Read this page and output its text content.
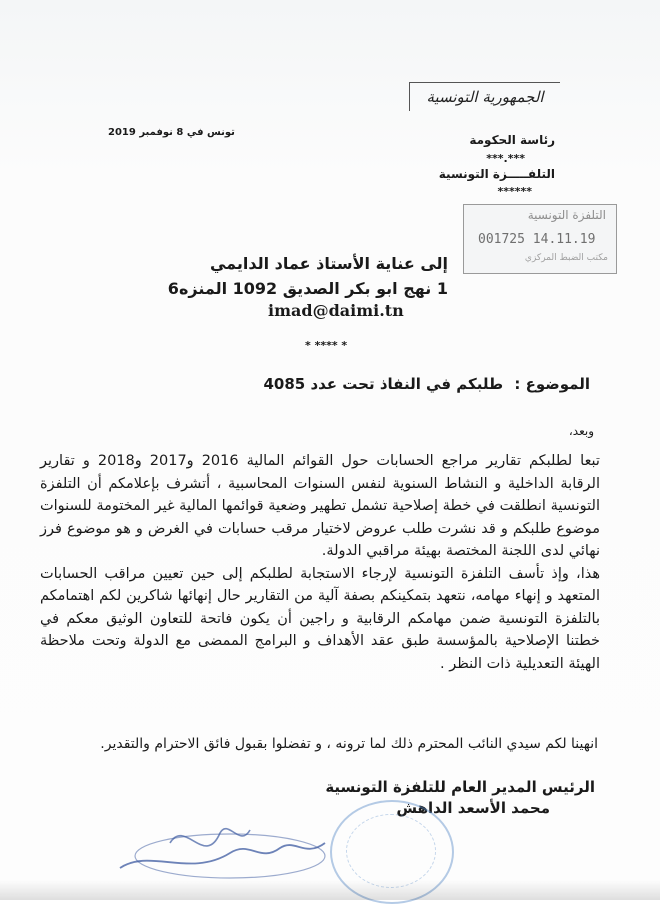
الجمهورية التونسية
تونس في 8 نوفمبر 2019
رئاسة الحكومة
***.***
التلفـــــزة التونسية
******
التلفزة التونسية
001725 14.11.19
مكتب الضبط المركزي
إلى عناية الأستاذ عماد الدايمي
1 نهج ابو بكر الصديق 1092 المنزه6
imad@daimi.tn
* **** *
الموضوع : طلبكم في النفاذ تحت عدد 4085
وبعد،

تبعا لطلبكم تقارير مراجع الحسابات حول القوائم المالية 2016 و2017 و2018 و تقارير الرقابة الداخلية و النشاط السنوية لنفس السنوات المحاسبية ، أتشرف بإعلامكم أن التلفزة التونسية انطلقت في خطة إصلاحية تشمل تطهير وضعية قوائمها المالية غير المختومة للسنوات موضوع طلبكم و قد نشرت طلب عروض لاختيار مرقب حسابات في الغرض و هو موضوع فرز نهائي لدى اللجنة المختصة بهيئة مراقبي الدولة.

هذا، وإذ تأسف التلفزة التونسية لإرجاء الاستجابة لطلبكم إلى حين تعيين مراقب الحسابات المتعهد و إنهاء مهامه، نتعهد بتمكينكم بصفة آلية من التقارير حال إنهائها شاكرين لكم اهتمامكم بالتلفزة التونسية ضمن مهامكم الرقابية و راجين أن يكون فاتحة للتعاون الوثيق معكم في خطتنا الإصلاحية بالمؤسسة طبق عقد الأهداف و البرامج الممضى مع الدولة وتحت ملاحظة الهيئة التعديلية ذات النظر .

انهينا لكم سيدي النائب المحترم ذلك لما ترونه ، و تفضلوا بقبول فائق الاحترام والتقدير.
الرئيس المدير العام للتلفزة التونسية
محمد الأسعد الداهش
